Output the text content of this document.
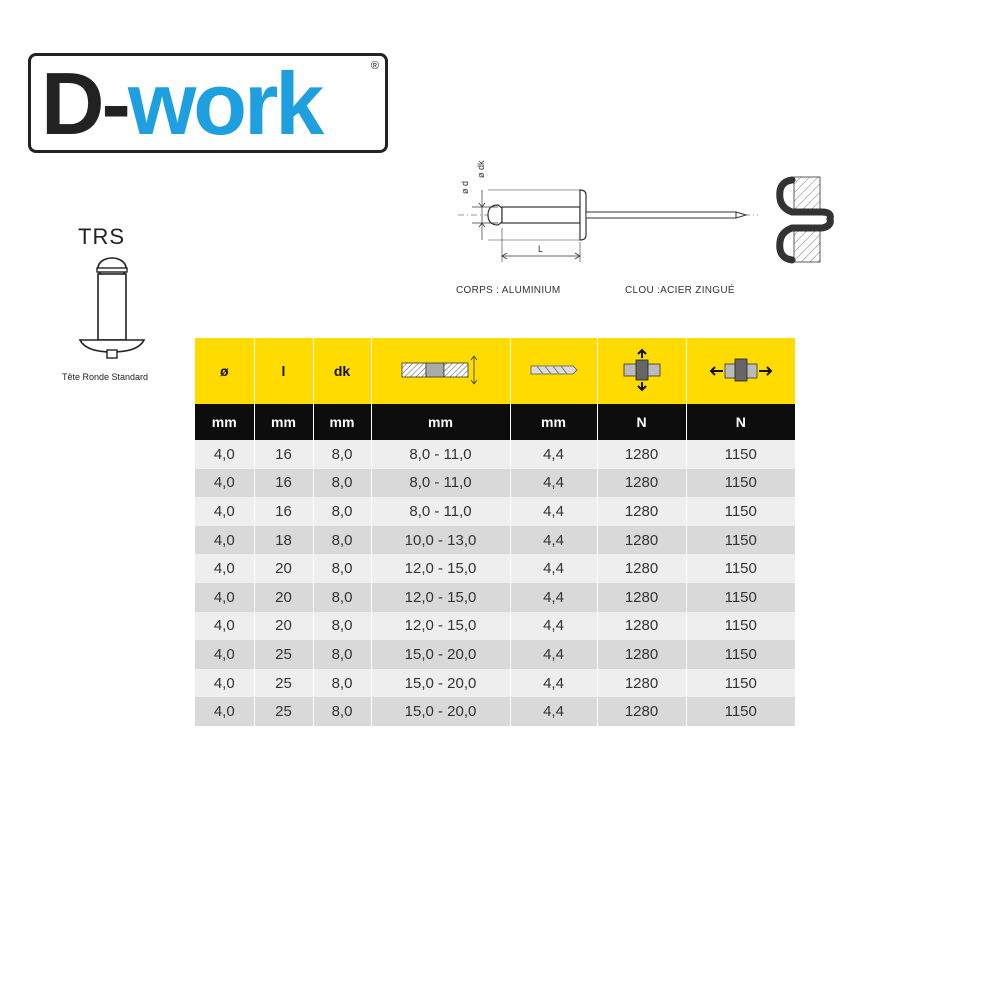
D-work	®
TRS
Tête Ronde Standard
ø d
ø dk
L
CORPS : ALUMINIUM	CLOU :ACIER ZINGUÉ
ø	l	dk				
mm	mm	mm	mm	mm	N	N
4,0	16	8,0	8,0 - 11,0	4,4	1280	1150
4,0	16	8,0	8,0 - 11,0	4,4	1280	1150
4,0	16	8,0	8,0 - 11,0	4,4	1280	1150
4,0	18	8,0	10,0 - 13,0	4,4	1280	1150
4,0	20	8,0	12,0 - 15,0	4,4	1280	1150
4,0	20	8,0	12,0 - 15,0	4,4	1280	1150
4,0	20	8,0	12,0 - 15,0	4,4	1280	1150
4,0	25	8,0	15,0 - 20,0	4,4	1280	1150
4,0	25	8,0	15,0 - 20,0	4,4	1280	1150
4,0	25	8,0	15,0 - 20,0	4,4	1280	1150
